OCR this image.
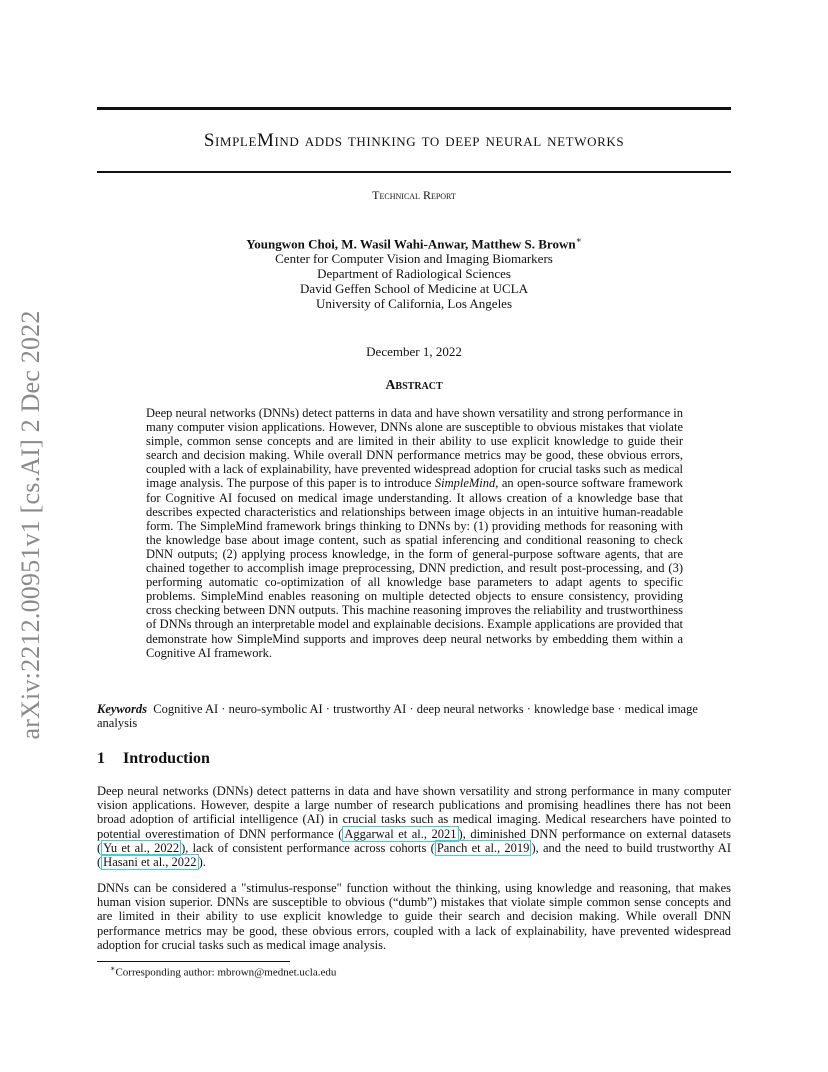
arXiv:2212.00951v1 [cs.AI] 2 Dec 2022
SimpleMind adds thinking to deep neural networks
Technical Report
Youngwon Choi, M. Wasil Wahi-Anwar, Matthew S. Brown∗
Center for Computer Vision and Imaging Biomarkers
Department of Radiological Sciences
David Geffen School of Medicine at UCLA
University of California, Los Angeles
December 1, 2022
Abstract
Deep neural networks (DNNs) detect patterns in data and have shown versatility and strong performance in many computer vision applications. However, DNNs alone are susceptible to obvious mistakes that violate simple, common sense concepts and are limited in their ability to use explicit knowledge to guide their search and decision making. While overall DNN performance metrics may be good, these obvious errors, coupled with a lack of explainability, have prevented widespread adoption for crucial tasks such as medical image analysis. The purpose of this paper is to introduce SimpleMind, an open-source software framework for Cognitive AI focused on medical image understanding. It allows creation of a knowledge base that describes expected characteristics and relationships between image objects in an intuitive human-readable form. The SimpleMind framework brings thinking to DNNs by: (1) providing methods for reasoning with the knowledge base about image content, such as spatial inferencing and conditional reasoning to check DNN outputs; (2) applying process knowledge, in the form of general-purpose software agents, that are chained together to accomplish image preprocessing, DNN prediction, and result post-processing, and (3) performing automatic co-optimization of all knowledge base parameters to adapt agents to specific problems. SimpleMind enables reasoning on multiple detected objects to ensure consistency, providing cross checking between DNN outputs. This machine reasoning improves the reliability and trustworthiness of DNNs through an interpretable model and explainable decisions. Example applications are provided that demonstrate how SimpleMind supports and improves deep neural networks by embedding them within a Cognitive AI framework.
Keywords Cognitive AI · neuro-symbolic AI · trustworthy AI · deep neural networks · knowledge base · medical image analysis
1 Introduction
Deep neural networks (DNNs) detect patterns in data and have shown versatility and strong performance in many computer vision applications. However, despite a large number of research publications and promising headlines there has not been broad adoption of artificial intelligence (AI) in crucial tasks such as medical imaging. Medical researchers have pointed to potential overestimation of DNN performance ( Aggarwal et al., 2021 ), diminished DNN performance on external datasets ( Yu et al., 2022 ), lack of consistent performance across cohorts ( Panch et al., 2019 ), and the need to build trustworthy AI ( Hasani et al., 2022 ).
DNNs can be considered a "stimulus-response" function without the thinking, using knowledge and reasoning, that makes human vision superior. DNNs are susceptible to obvious (“dumb”) mistakes that violate simple common sense concepts and are limited in their ability to use explicit knowledge to guide their search and decision making. While overall DNN performance metrics may be good, these obvious errors, coupled with a lack of explainability, have prevented widespread adoption for crucial tasks such as medical image analysis.
∗Corresponding author: mbrown@mednet.ucla.edu
